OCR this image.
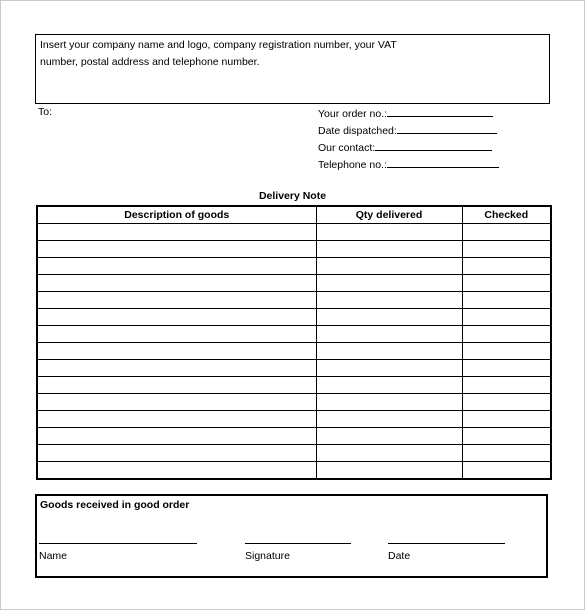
Insert your company name and logo, company registration number, your VAT
number, postal address and telephone number.
To:	Your order no.:
Date dispatched:
Our contact:
Telephone no.:
Delivery Note
Description of goods	Qty delivered	Checked

Goods received in good order
Name	Signature	Date
